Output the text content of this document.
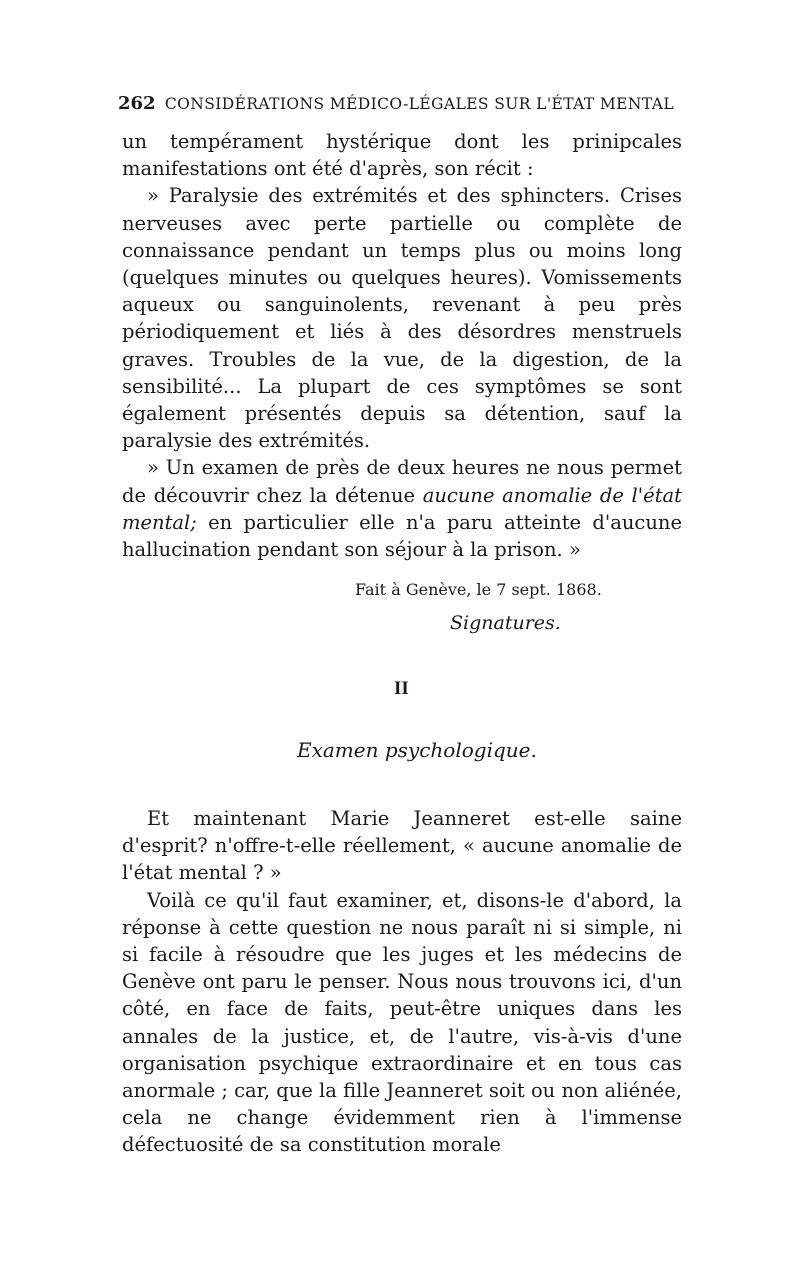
262 CONSIDÉRATIONS MÉDICO-LÉGALES SUR L'ÉTAT MENTAL

un tempérament hystérique dont les prinipcales manifestations ont été d'après, son récit :

» Paralysie des extrémités et des sphincters. Crises nerveuses avec perte partielle ou complète de connaissance pendant un temps plus ou moins long (quelques minutes ou quelques heures). Vomissements aqueux ou sanguinolents, revenant à peu près périodiquement et liés à des désordres menstruels graves. Troubles de la vue, de la digestion, de la sensibilité... La plupart de ces symptômes se sont également présentés depuis sa détention, sauf la paralysie des extrémités.

» Un examen de près de deux heures ne nous permet de découvrir chez la détenue aucune anomalie de l'état mental; en particulier elle n'a paru atteinte d'aucune hallucination pendant son séjour à la prison. »

Fait à Genève, le 7 sept. 1868.
Signatures.
II
Examen psychologique.

Et maintenant Marie Jeanneret est-elle saine d'esprit? n'offre-t-elle réellement, « aucune anomalie de l'état mental ? »

Voilà ce qu'il faut examiner, et, disons-le d'abord, la réponse à cette question ne nous paraît ni si simple, ni si facile à résoudre que les juges et les médecins de Genève ont paru le penser. Nous nous trouvons ici, d'un côté, en face de faits, peut-être uniques dans les annales de la justice, et, de l'autre, vis-à-vis d'une organisation psychique extraordinaire et en tous cas anormale ; car, que la fille Jeanneret soit ou non aliénée, cela ne change évidemment rien à l'immense défectuosité de sa constitution morale
